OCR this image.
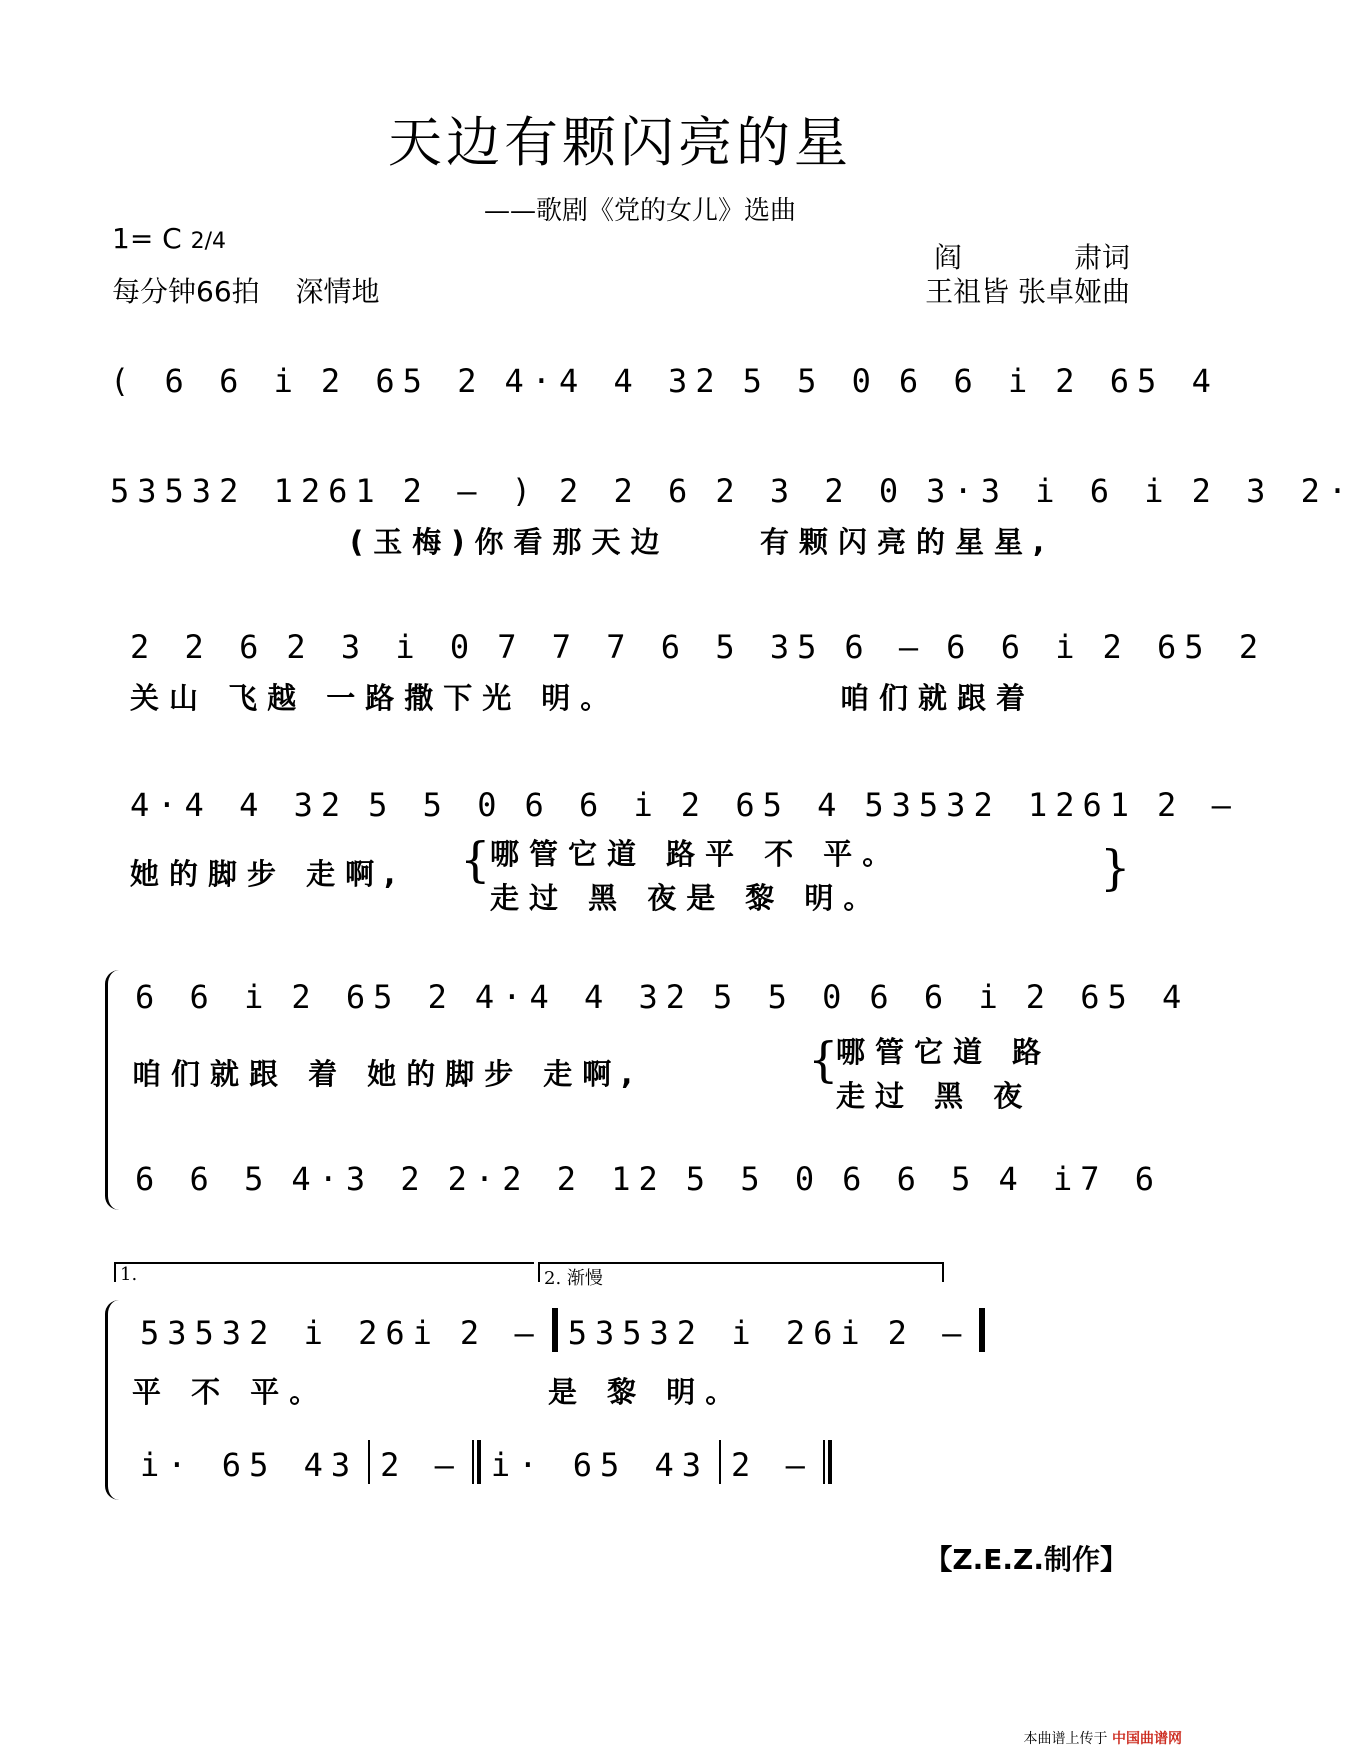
天边有颗闪亮的星
——歌剧《党的女儿》选曲
1= C 2/4
每分钟66拍 深情地
阎　　　　肃词
王祖皆 张卓娅曲
( 6 6 i 2 65 2 4·4 4 32 5 5 0 6 6 i 2 65 4
53532 1261 2 – ) 2 2 6 2 3 2 0 3·3 i 6 i 2 3 2·
(玉梅)你看那天边	有颗闪亮的星星,
2 2 6 2 3 i 0 7 7 7 6 5 35 6 – 6 6 i 2 65 2
关山 飞越 一路撒下光 明。	咱们就跟着
4·4 4 32 5 5 0 6 6 i 2 65 4 53532 1261 2 –
她的脚步 走啊, { 哪管它道 路平 不 平。
走过 黑 夜是 黎 明。
}
6 6 i 2 65 2 4·4 4 32 5 5 0 6 6 i 2 65 4
咱们就跟 着 她的脚步 走啊,	{
哪管它道 路
走过 黑 夜
6 6 5 4·3 2 2·2 2 12 5 5 0 6 6 5 4 i7 6
1.	2. 渐慢
53532 i 26i 2 – 53532 i 26i 2 –
平 不 平。	是 黎 明。
i· 65 43 2 – i· 65 43 2 –
【Z.E.Z.制作】
本曲谱上传于 中国曲谱网
